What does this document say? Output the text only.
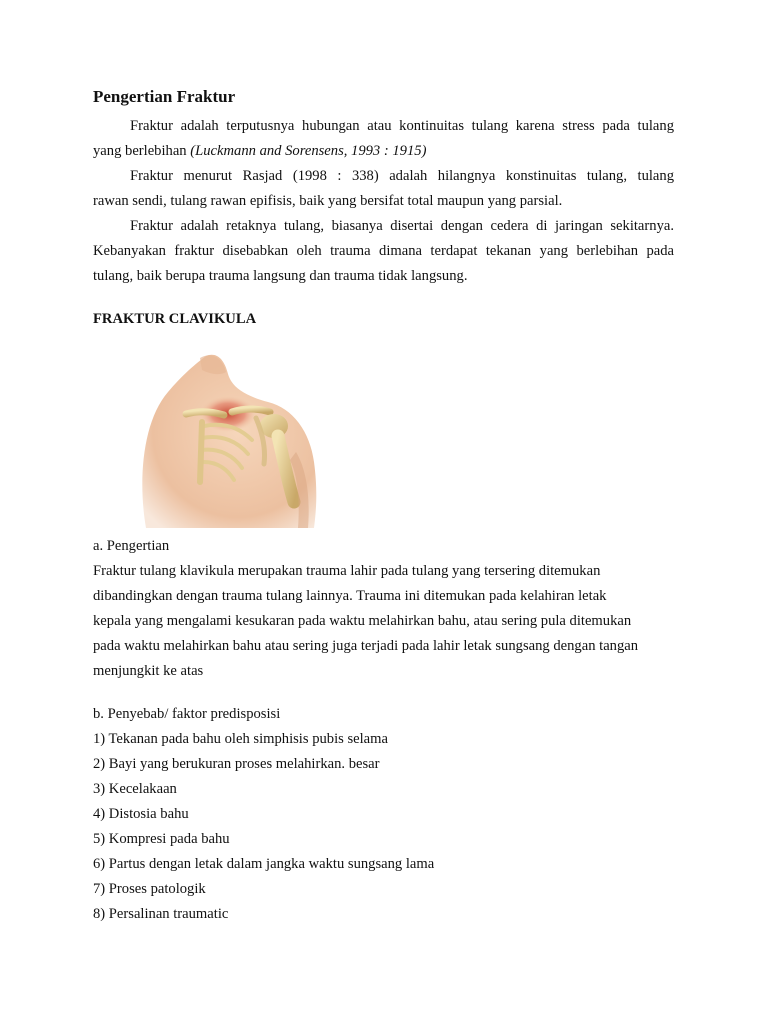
Pengertian Fraktur
Fraktur adalah terputusnya hubungan atau kontinuitas tulang karena stress pada tulang
yang berlebihan (Luckmann and Sorensens, 1993 : 1915)
Fraktur menurut Rasjad (1998 : 338) adalah hilangnya konstinuitas tulang, tulang
rawan sendi, tulang rawan epifisis, baik yang bersifat total maupun yang parsial.
Fraktur adalah retaknya tulang, biasanya disertai dengan cedera di jaringan sekitarnya.
Kebanyakan fraktur disebabkan oleh trauma dimana terdapat tekanan yang berlebihan pada
tulang, baik berupa trauma langsung dan trauma tidak langsung.
FRAKTUR CLAVIKULA
a. Pengertian
Fraktur tulang klavikula merupakan trauma lahir pada tulang yang tersering ditemukan
dibandingkan dengan trauma tulang lainnya. Trauma ini ditemukan pada kelahiran letak
kepala yang mengalami kesukaran pada waktu melahirkan bahu, atau sering pula ditemukan
pada waktu melahirkan bahu atau sering juga terjadi pada lahir letak sungsang dengan tangan
menjungkit ke atas
b. Penyebab/ faktor predisposisi
1) Tekanan pada bahu oleh simphisis pubis selama
2) Bayi yang berukuran proses melahirkan. besar
3) Kecelakaan
4) Distosia bahu
5) Kompresi pada bahu
6) Partus dengan letak dalam jangka waktu sungsang lama
7) Proses patologik
8) Persalinan traumatic
